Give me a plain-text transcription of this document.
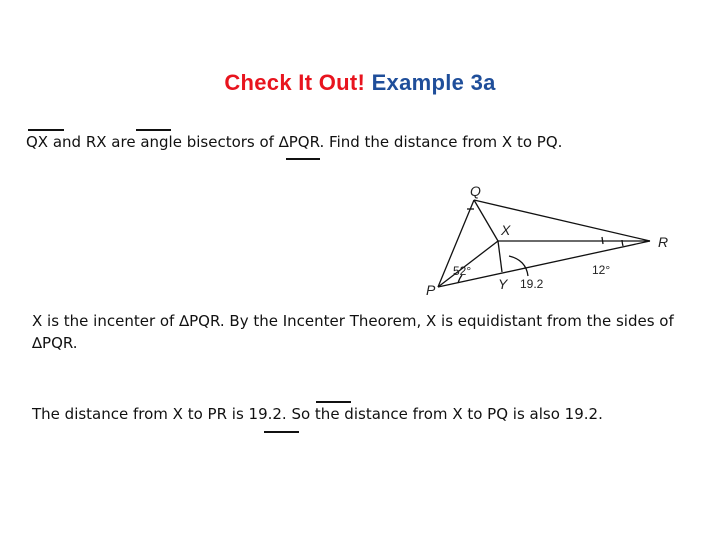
Check It Out! Example 3a
QX and RX are angle bisectors of ∆PQR. Find the distance from X to PQ.
Q
X
R
P	Y
52°	12°
19.2
X is the incenter of ∆PQR. By the Incenter Theorem, X is equidistant from the sides of
∆PQR.
The distance from X to PR is 19.2. So the distance from X to PQ is also 19.2.
